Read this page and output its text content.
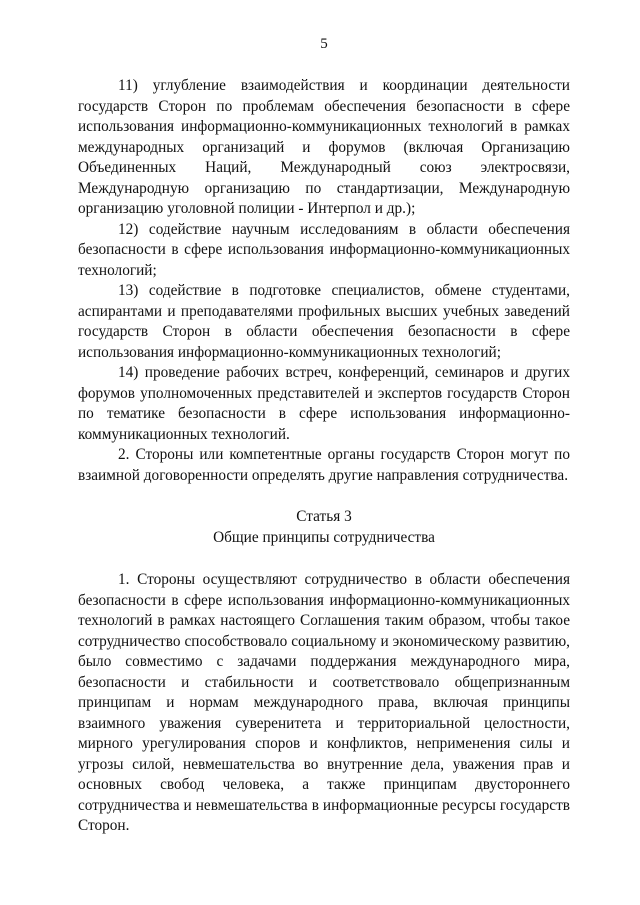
5

11) углубление взаимодействия и координации деятельности государств Сторон по проблемам обеспечения безопасности в сфере использования информационно-коммуникационных технологий в рамках международных организаций и форумов (включая Организацию Объединенных Наций, Международный союз электросвязи, Международную организацию по стандартизации, Международную организацию уголовной полиции - Интерпол и др.);

12) содействие научным исследованиям в области обеспечения безопасности в сфере использования информационно-коммуникационных технологий;

13) содействие в подготовке специалистов, обмене студентами, аспирантами и преподавателями профильных высших учебных заведений государств Сторон в области обеспечения безопасности в сфере использования информационно-коммуникационных технологий;

14) проведение рабочих встреч, конференций, семинаров и других форумов уполномоченных представителей и экспертов государств Сторон по тематике безопасности в сфере использования информационно-коммуникационных технологий.

2. Стороны или компетентные органы государств Сторон могут по взаимной договоренности определять другие направления сотрудничества.

Статья 3
Общие принципы сотрудничества

1. Стороны осуществляют сотрудничество в области обеспечения безопасности в сфере использования информационно-коммуникационных технологий в рамках настоящего Соглашения таким образом, чтобы такое сотрудничество способствовало социальному и экономическому развитию, было совместимо с задачами поддержания международного мира, безопасности и стабильности и соответствовало общепризнанным принципам и нормам международного права, включая принципы взаимного уважения суверенитета и территориальной целостности, мирного урегулирования споров и конфликтов, неприменения силы и угрозы силой, невмешательства во внутренние дела, уважения прав и основных свобод человека, а также принципам двустороннего сотрудничества и невмешательства в информационные ресурсы государств Сторон.
